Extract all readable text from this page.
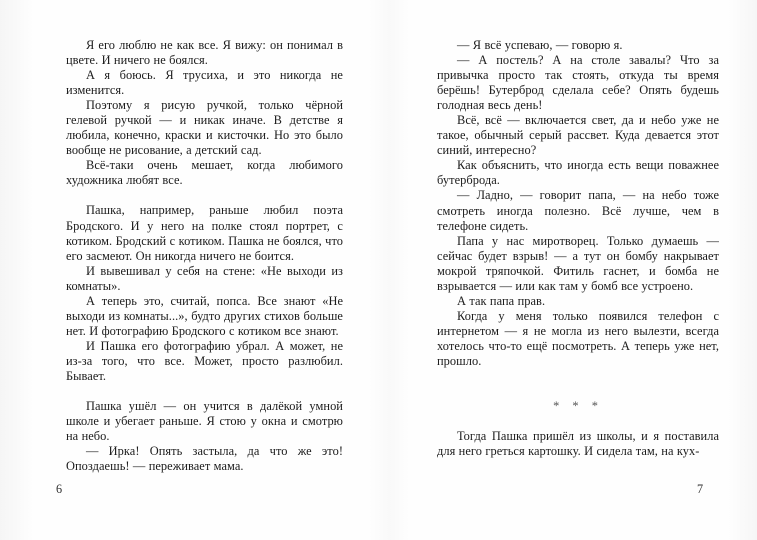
Я его люблю не как все. Я вижу: он понимал в цвете. И ничего не боялся.

А я боюсь. Я трусиха, и это никогда не изменится.

Поэтому я рисую ручкой, только чёрной гелевой ручкой — и никак иначе. В детстве я любила, конечно, краски и кисточки. Но это было вообще не рисование, а детский сад.

Всё-таки очень мешает, когда любимого художника любят все.

Пашка, например, раньше любил поэта Бродского. И у него на полке стоял портрет, с котиком. Бродский с котиком. Пашка не боялся, что его засмеют. Он никогда ничего не боится.

И вывешивал у себя на стене: «Не выходи из комнаты».

А теперь это, считай, попса. Все знают «Не выходи из комнаты...», будто других стихов больше нет. И фотографию Бродского с котиком все знают.

И Пашка его фотографию убрал. А может, не из-за того, что все. Может, просто разлюбил. Бывает.

Пашка ушёл — он учится в далёкой умной школе и убегает раньше. Я стою у окна и смотрю на небо.

— Ирка! Опять застыла, да что же это! Опоздаешь! — переживает мама.

6

— Я всё успеваю, — говорю я.

— А постель? А на столе завалы? Что за привычка просто так стоять, откуда ты время берёшь! Бутерброд сделала себе? Опять будешь голодная весь день!

Всё, всё — включается свет, да и небо уже не такое, обычный серый рассвет. Куда девается этот синий, интересно?

Как объяснить, что иногда есть вещи поважнее бутерброда.

— Ладно, — говорит папа, — на небо тоже смотреть иногда полезно. Всё лучше, чем в телефоне сидеть.

Папа у нас миротворец. Только думаешь — сейчас будет взрыв! — а тут он бомбу накрывает мокрой тряпочкой. Фитиль гаснет, и бомба не взрывается — или как там у бомб все устроено.

А так папа прав.

Когда у меня только появился телефон с интернетом — я не могла из него вылезти, всегда хотелось что-то ещё посмотреть. А теперь уже нет, прошло.

* * *

Тогда Пашка пришёл из школы, и я поставила для него греться картошку. И сидела там, на кух-

7
